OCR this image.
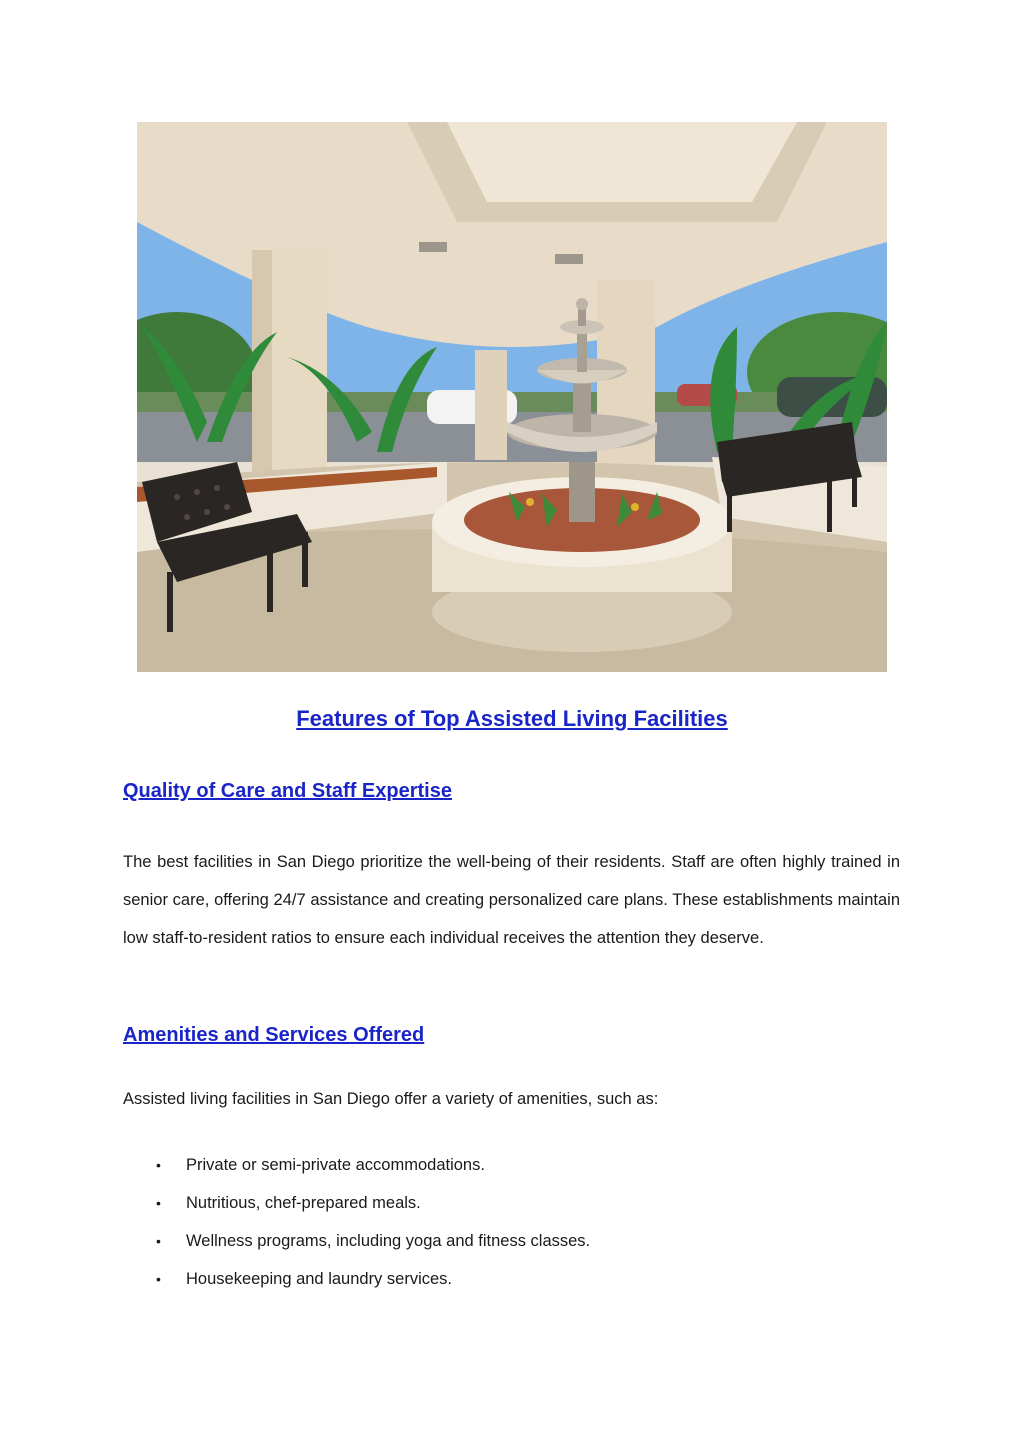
Features of Top Assisted Living Facilities
Quality of Care and Staff Expertise

The best facilities in San Diego prioritize the well-being of their residents. Staff are often highly trained in senior care, offering 24/7 assistance and creating personalized care plans. These establishments maintain low staff-to-resident ratios to ensure each individual receives the attention they deserve.

Amenities and Services Offered

Assisted living facilities in San Diego offer a variety of amenities, such as:

• Private or semi-private accommodations.
• Nutritious, chef-prepared meals.
• Wellness programs, including yoga and fitness classes.
• Housekeeping and laundry services.
